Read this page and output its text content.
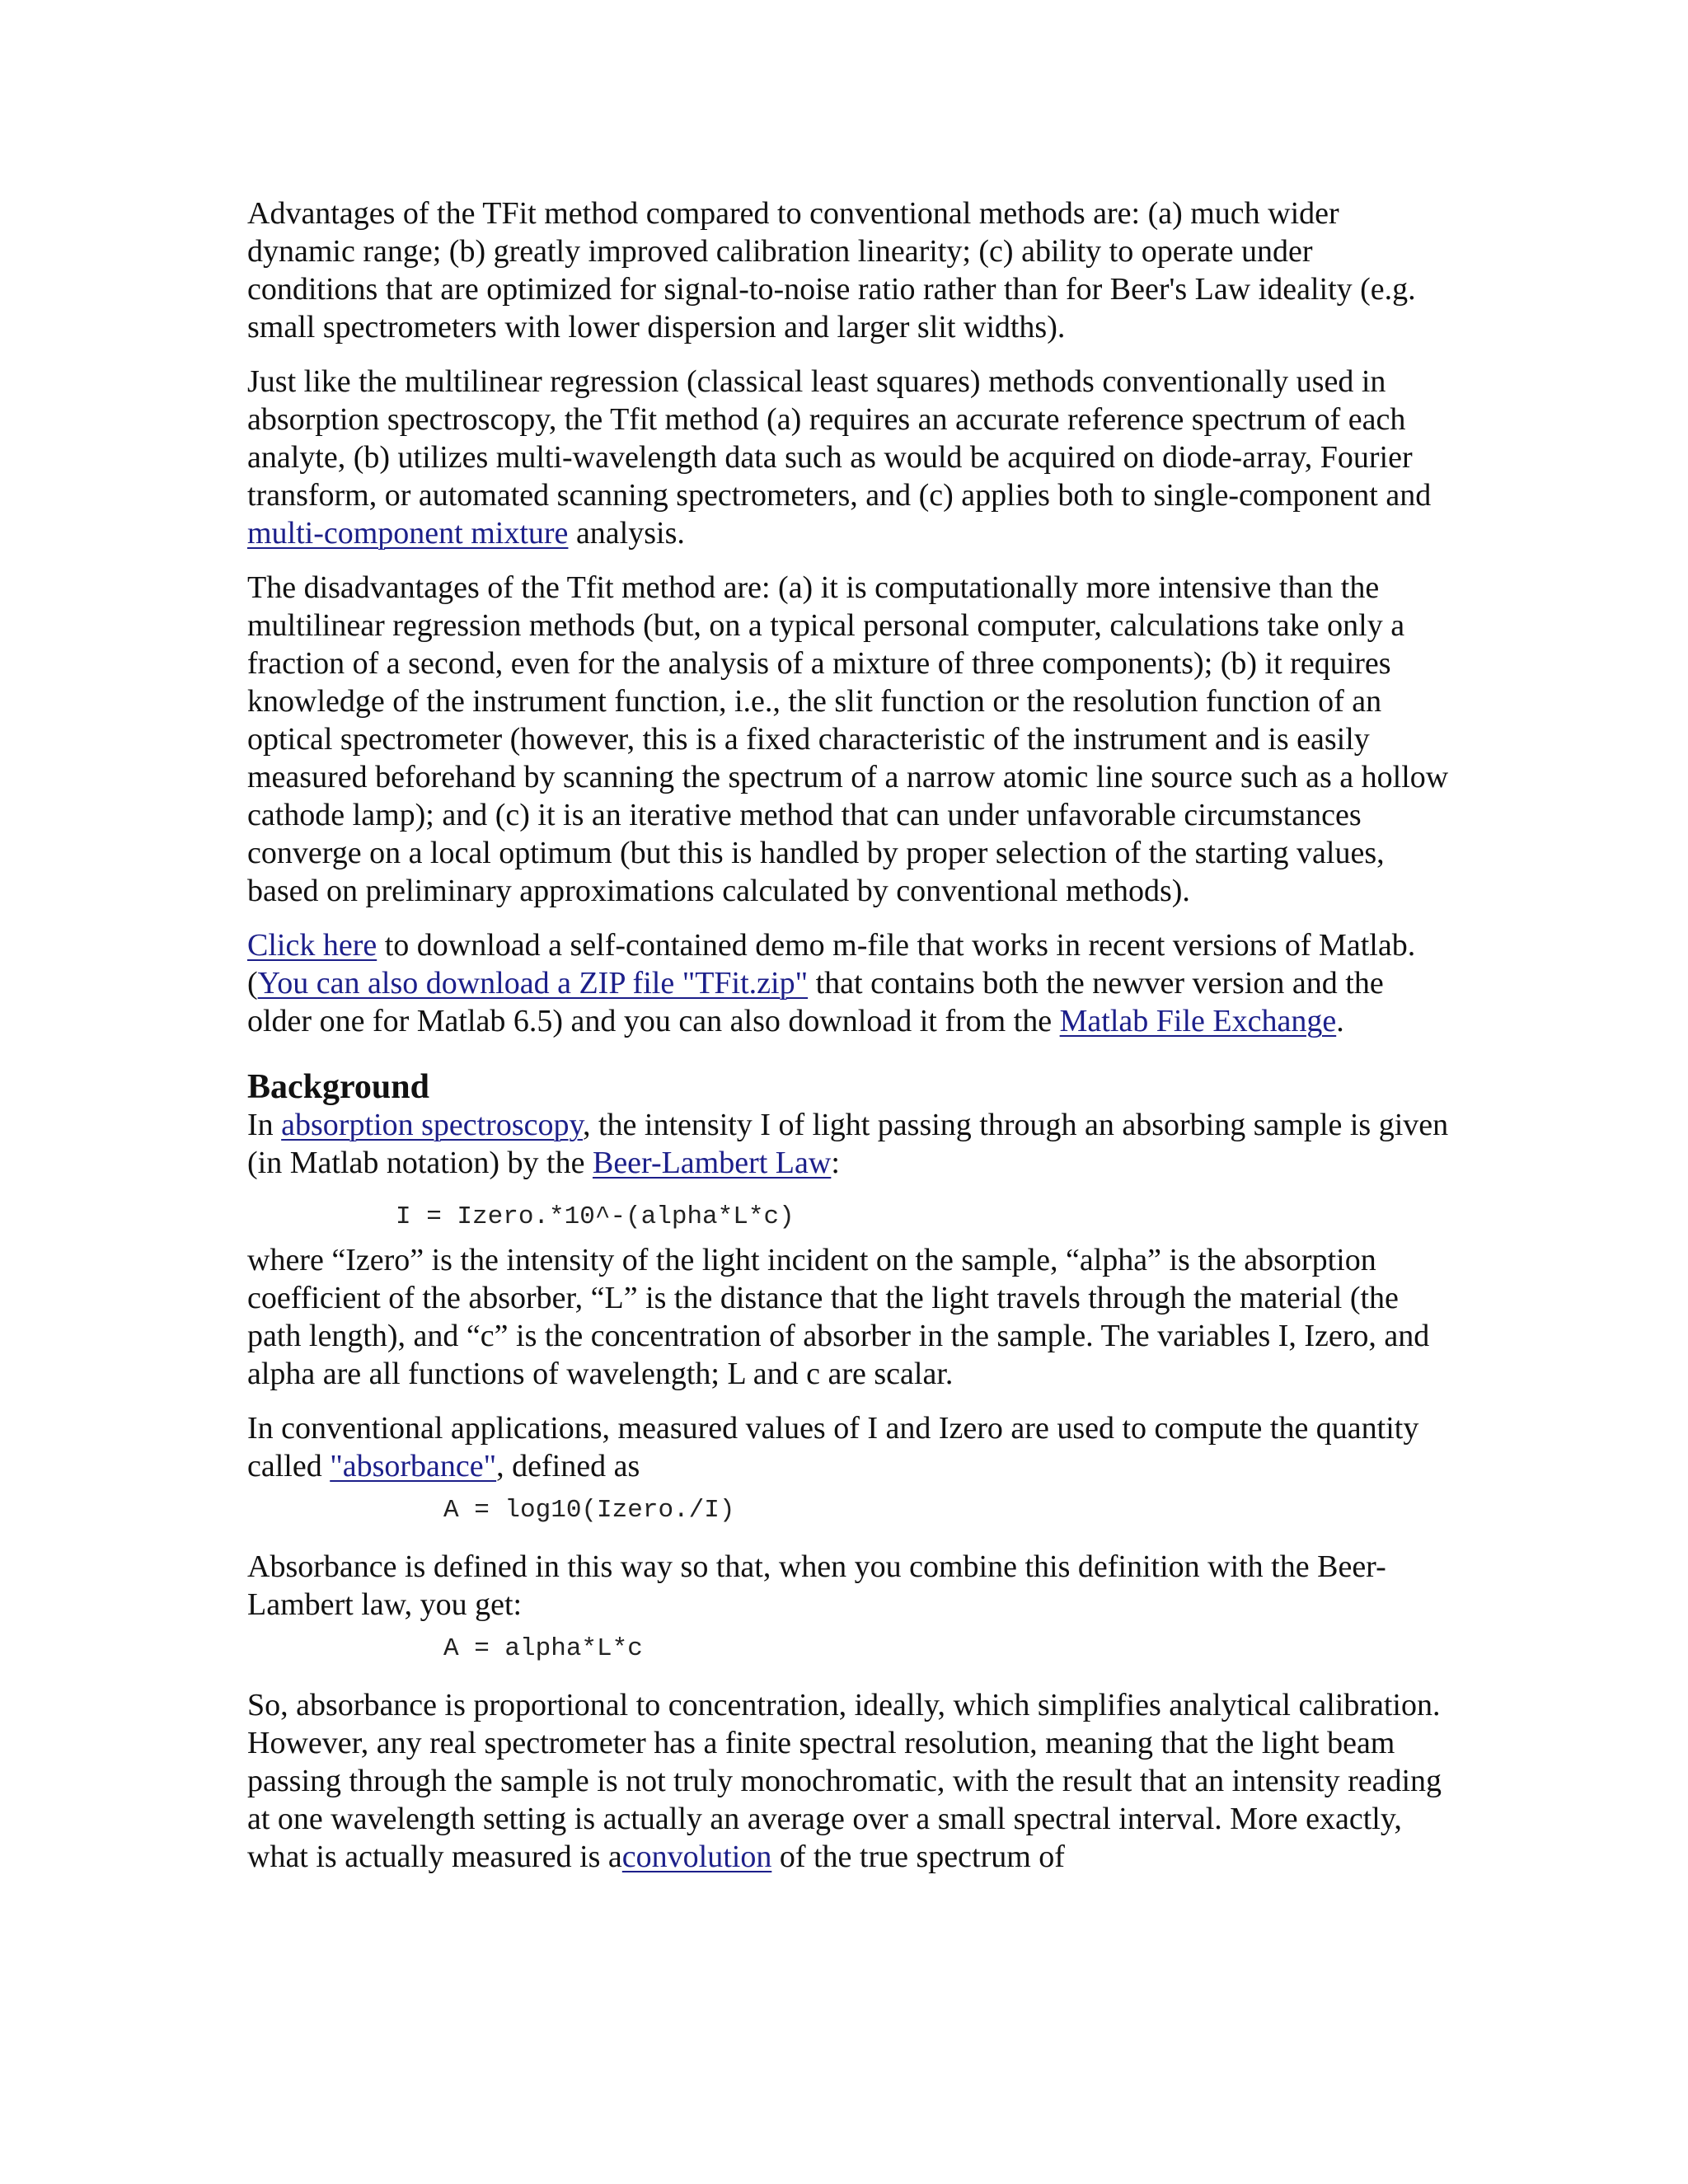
Advantages of the TFit method compared to conventional methods are: (a) much wider dynamic range; (b) greatly improved calibration linearity; (c) ability to operate under conditions that are optimized for signal-to-noise ratio rather than for Beer's Law ideality (e.g. small spectrometers with lower dispersion and larger slit widths).

Just like the multilinear regression (classical least squares) methods conventionally used in absorption spectroscopy, the Tfit method (a) requires an accurate reference spectrum of each analyte, (b) utilizes multi-wavelength data such as would be acquired on diode-array, Fourier transform, or automated scanning spectrometers, and (c) applies both to single-component and multi-component mixture analysis.

The disadvantages of the Tfit method are: (a) it is computationally more intensive than the multilinear regression methods (but, on a typical personal computer, calculations take only a fraction of a second, even for the analysis of a mixture of three components); (b) it requires knowledge of the instrument function, i.e., the slit function or the resolution function of an optical spectrometer (however, this is a fixed characteristic of the instrument and is easily measured beforehand by scanning the spectrum of a narrow atomic line source such as a hollow cathode lamp); and (c) it is an iterative method that can under unfavorable circumstances converge on a local optimum (but this is handled by proper selection of the starting values, based on preliminary approximations calculated by conventional methods).

Click here to download a self-contained demo m-file that works in recent versions of Matlab. (You can also download a ZIP file "TFit.zip" that contains both the newver version and the older one for Matlab 6.5) and you can also download it from the Matlab File Exchange.

Background

In absorption spectroscopy, the intensity I of light passing through an absorbing sample is given (in Matlab notation) by the Beer-Lambert Law:

I = Izero.*10^-(alpha*L*c)

where “Izero” is the intensity of the light incident on the sample, “alpha” is the absorption coefficient of the absorber, “L” is the distance that the light travels through the material (the path length), and “c” is the concentration of absorber in the sample. The variables I, Izero, and alpha are all functions of wavelength; L and c are scalar.

In conventional applications, measured values of I and Izero are used to compute the quantity called "absorbance", defined as

A = log10(Izero./I)

Absorbance is defined in this way so that, when you combine this definition with the Beer-Lambert law, you get:

A = alpha*L*c

So, absorbance is proportional to concentration, ideally, which simplifies analytical calibration. However, any real spectrometer has a finite spectral resolution, meaning that the light beam passing through the sample is not truly monochromatic, with the result that an intensity reading at one wavelength setting is actually an average over a small spectral interval. More exactly, what is actually measured is aconvolution of the true spectrum of
